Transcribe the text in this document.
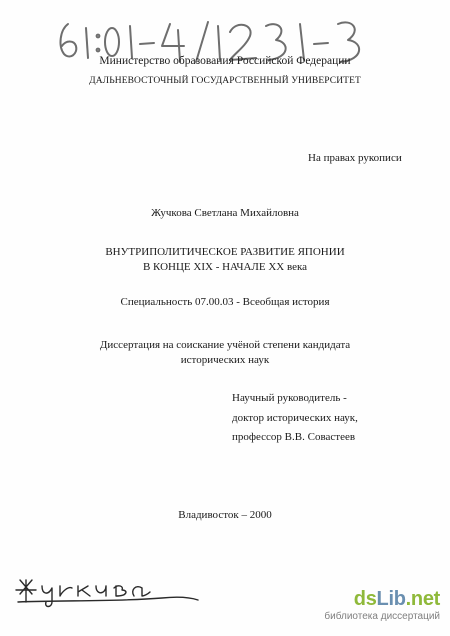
Министерство образования Российской Федерации
ДАЛЬНЕВОСТОЧНЫЙ ГОСУДАРСТВЕННЫЙ УНИВЕРСИТЕТ
На правах рукописи
Жучкова Светлана Михайловна
ВНУТРИПОЛИТИЧЕСКОЕ РАЗВИТИЕ ЯПОНИИ
В КОНЦЕ XIX - НАЧАЛЕ XX века
Специальность 07.00.03 - Всеобщая история
Диссертация на соискание учёной степени кандидата
исторических наук
Научный руководитель -
доктор исторических наук,
профессор В.В. Совастеев
Владивосток – 2000
dsLib.net
библиотека диссертаций
